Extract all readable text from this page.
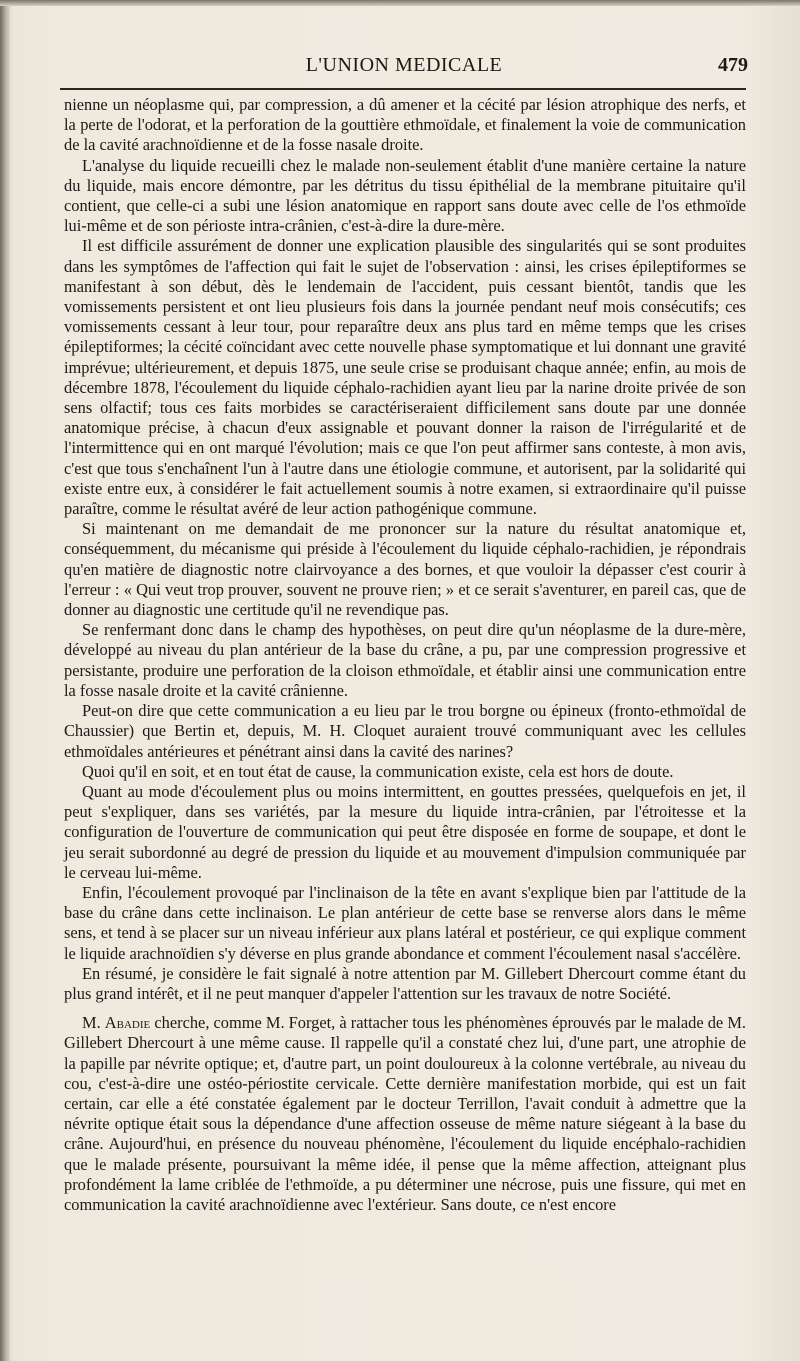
L'UNION MEDICALE	479

nienne un néoplasme qui, par compression, a dû amener et la cécité par lésion atrophique des nerfs, et la perte de l'odorat, et la perforation de la gouttière ethmoïdale, et finalement la voie de communication de la cavité arachnoïdienne et de la fosse nasale droite.

L'analyse du liquide recueilli chez le malade non-seulement établit d'une manière certaine la nature du liquide, mais encore démontre, par les détritus du tissu épithélial de la membrane pituitaire qu'il contient, que celle-ci a subi une lésion anatomique en rapport sans doute avec celle de l'os ethmoïde lui-même et de son périoste intra-crânien, c'est-à-dire la dure-mère.

Il est difficile assurément de donner une explication plausible des singularités qui se sont produites dans les symptômes de l'affection qui fait le sujet de l'observation : ainsi, les crises épileptiformes se manifestant à son début, dès le lendemain de l'accident, puis cessant bientôt, tandis que les vomissements persistent et ont lieu plusieurs fois dans la journée pendant neuf mois consécutifs; ces vomissements cessant à leur tour, pour reparaître deux ans plus tard en même temps que les crises épileptiformes; la cécité coïncidant avec cette nouvelle phase symptomatique et lui donnant une gravité imprévue; ultérieurement, et depuis 1875, une seule crise se produisant chaque année; enfin, au mois de décembre 1878, l'écoulement du liquide céphalo-rachidien ayant lieu par la narine droite privée de son sens olfactif; tous ces faits morbides se caractériseraient difficilement sans doute par une donnée anatomique précise, à chacun d'eux assignable et pouvant donner la raison de l'irrégularité et de l'intermittence qui en ont marqué l'évolution; mais ce que l'on peut affirmer sans conteste, à mon avis, c'est que tous s'enchaînent l'un à l'autre dans une étiologie commune, et autorisent, par la solidarité qui existe entre eux, à considérer le fait actuellement soumis à notre examen, si extraordinaire qu'il puisse paraître, comme le résultat avéré de leur action pathogénique commune.

Si maintenant on me demandait de me prononcer sur la nature du résultat anatomique et, conséquemment, du mécanisme qui préside à l'écoulement du liquide céphalo-rachidien, je répondrais qu'en matière de diagnostic notre clairvoyance a des bornes, et que vouloir la dépasser c'est courir à l'erreur : « Qui veut trop prouver, souvent ne prouve rien; » et ce serait s'aventurer, en pareil cas, que de donner au diagnostic une certitude qu'il ne revendique pas.

Se renfermant donc dans le champ des hypothèses, on peut dire qu'un néoplasme de la dure-mère, développé au niveau du plan antérieur de la base du crâne, a pu, par une compression progressive et persistante, produire une perforation de la cloison ethmoïdale, et établir ainsi une communication entre la fosse nasale droite et la cavité crânienne.

Peut-on dire que cette communication a eu lieu par le trou borgne ou épineux (fronto-ethmoïdal de Chaussier) que Bertin et, depuis, M. H. Cloquet auraient trouvé communiquant avec les cellules ethmoïdales antérieures et pénétrant ainsi dans la cavité des narines?

Quoi qu'il en soit, et en tout état de cause, la communication existe, cela est hors de doute.

Quant au mode d'écoulement plus ou moins intermittent, en gouttes pressées, quelquefois en jet, il peut s'expliquer, dans ses variétés, par la mesure du liquide intra-crânien, par l'étroitesse et la configuration de l'ouverture de communication qui peut être disposée en forme de soupape, et dont le jeu serait subordonné au degré de pression du liquide et au mouvement d'impulsion communiquée par le cerveau lui-même.

Enfin, l'écoulement provoqué par l'inclinaison de la tête en avant s'explique bien par l'attitude de la base du crâne dans cette inclinaison. Le plan antérieur de cette base se renverse alors dans le même sens, et tend à se placer sur un niveau inférieur aux plans latéral et postérieur, ce qui explique comment le liquide arachnoïdien s'y déverse en plus grande abondance et comment l'écoulement nasal s'accélère.

En résumé, je considère le fait signalé à notre attention par M. Gillebert Dhercourt comme étant du plus grand intérêt, et il ne peut manquer d'appeler l'attention sur les travaux de notre Société.

M. Abadie cherche, comme M. Forget, à rattacher tous les phénomènes éprouvés par le malade de M. Gillebert Dhercourt à une même cause. Il rappelle qu'il a constaté chez lui, d'une part, une atrophie de la papille par névrite optique; et, d'autre part, un point douloureux à la colonne vertébrale, au niveau du cou, c'est-à-dire une ostéo-périostite cervicale. Cette dernière manifestation morbide, qui est un fait certain, car elle a été constatée également par le docteur Terrillon, l'avait conduit à admettre que la névrite optique était sous la dépendance d'une affection osseuse de même nature siégeant à la base du crâne. Aujourd'hui, en présence du nouveau phénomène, l'écoulement du liquide encéphalo-rachidien que le malade présente, poursuivant la même idée, il pense que la même affection, atteignant plus profondément la lame criblée de l'ethmoïde, a pu déterminer une nécrose, puis une fissure, qui met en communication la cavité arachnoïdienne avec l'extérieur. Sans doute, ce n'est encore
